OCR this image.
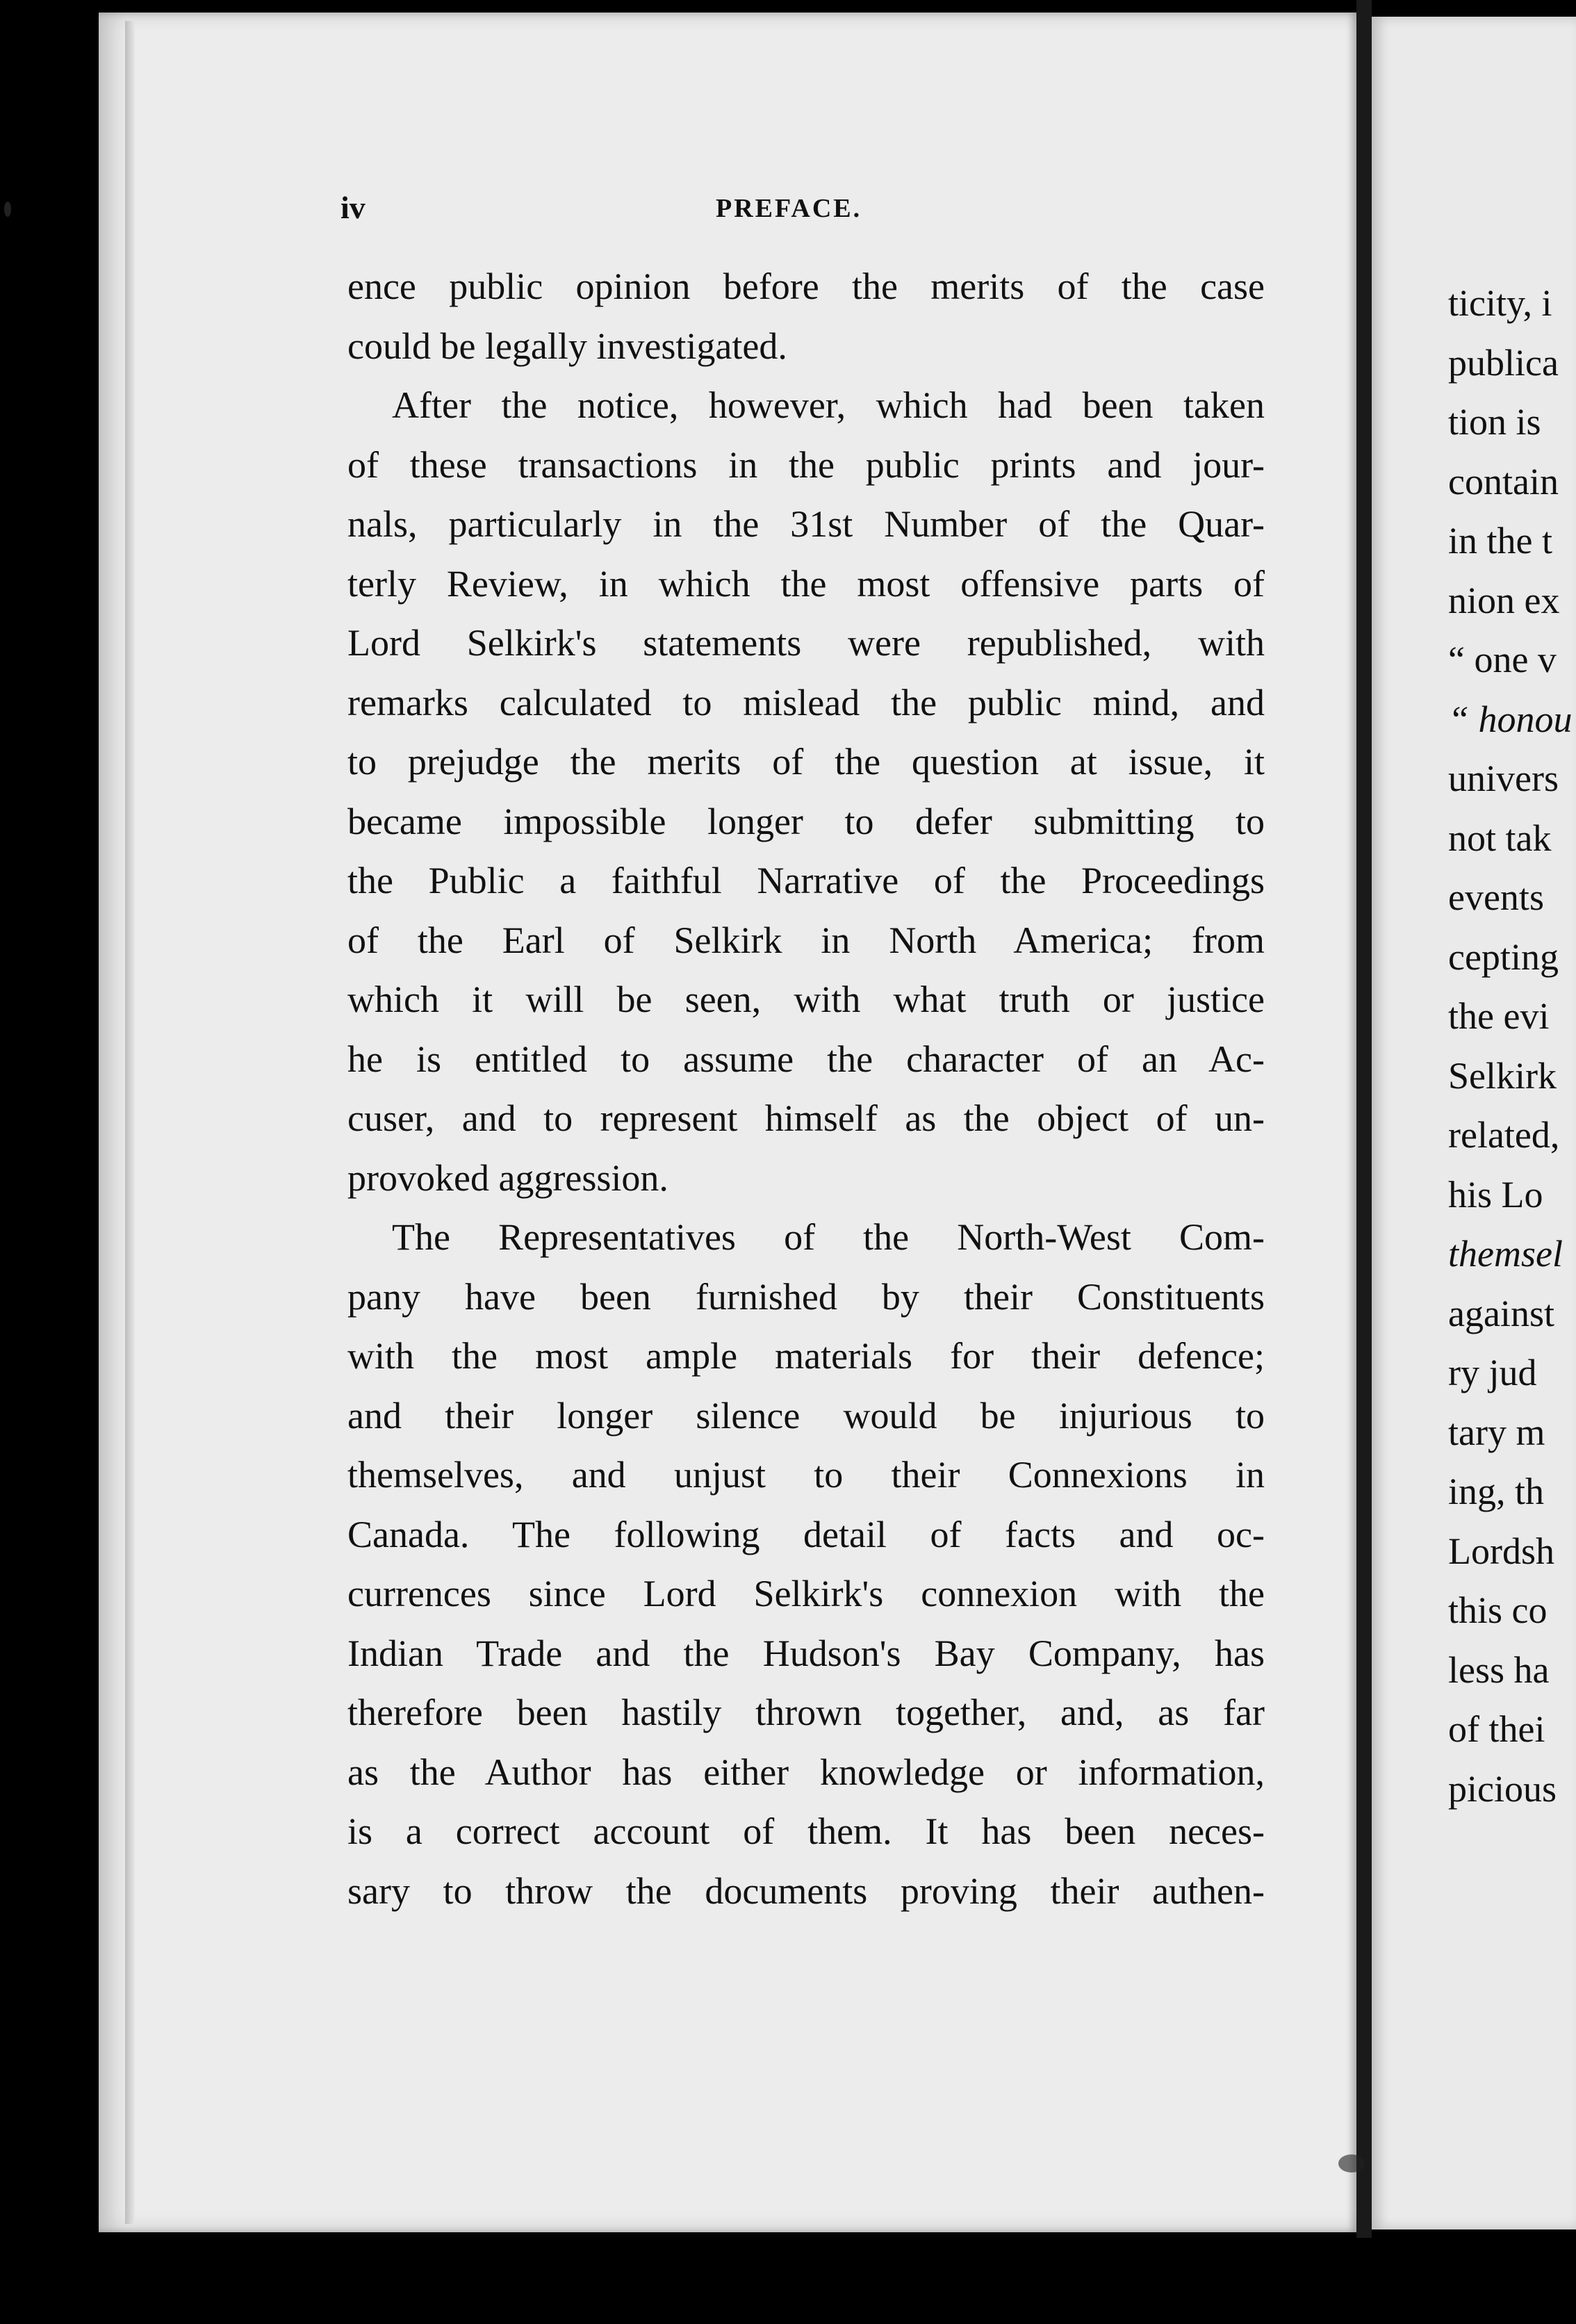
iv	PREFACE.
ence public opinion before the merits of the case
could be legally investigated.
After the notice, however, which had been taken
of these transactions in the public prints and jour-
nals, particularly in the 31st Number of the Quar-
terly Review, in which the most offensive parts of
Lord Selkirk's statements were republished, with
remarks calculated to mislead the public mind, and
to prejudge the merits of the question at issue, it
became impossible longer to defer submitting to
the Public a faithful Narrative of the Proceedings
of the Earl of Selkirk in North America; from
which it will be seen, with what truth or justice
he is entitled to assume the character of an Ac-
cuser, and to represent himself as the object of un-
provoked aggression.
The Representatives of the North-West Com-
pany have been furnished by their Constituents
with the most ample materials for their defence;
and their longer silence would be injurious to
themselves, and unjust to their Connexions in
Canada. The following detail of facts and oc-
currences since Lord Selkirk's connexion with the
Indian Trade and the Hudson's Bay Company, has
therefore been hastily thrown together, and, as far
as the Author has either knowledge or information,
is a correct account of them. It has been neces-
sary to throw the documents proving their authen-
ticity, i
publica
tion is
contain
in the t
nion ex
“ one v
“ honou
univers
not tak
events
cepting
the evi
Selkirk
related,
his Lo
themsel
against
ry jud
tary m
ing, th
Lordsh
this co
less ha
of thei
picious
